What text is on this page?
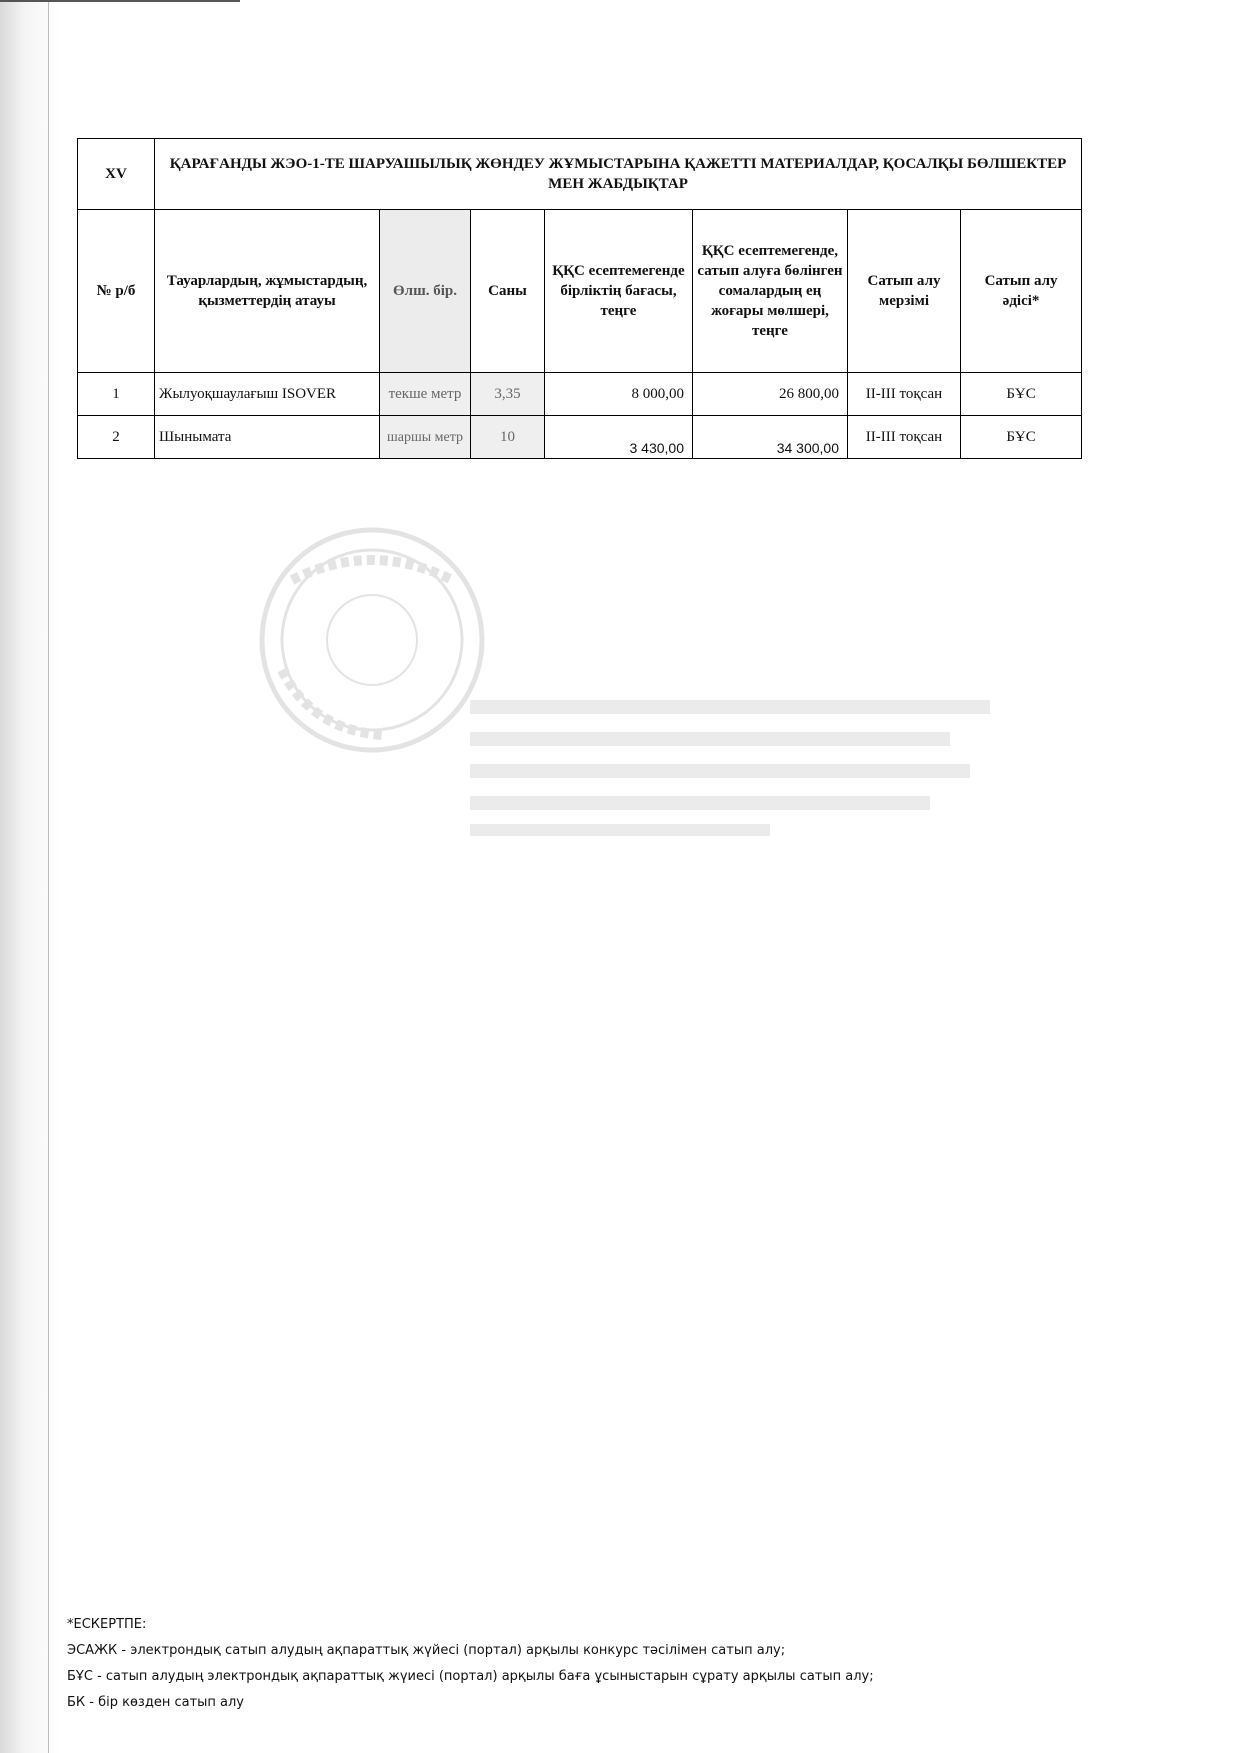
XV	ҚАРАҒАНДЫ ЖЭО-1-ТЕ ШАРУАШЫЛЫҚ ЖӨНДЕУ ЖҰМЫСТАРЫНА ҚАЖЕТТІ МАТЕРИАЛДАР, ҚОСАЛҚЫ БӨЛШЕКТЕР МЕН ЖАБДЫҚТАР						
№ р/б	Тауарлардың, жұмыстардың, қызметтердің атауы	Өлш. бір.	Саны	ҚҚС есептемегенде бірліктің бағасы, теңге	ҚҚС есептемегенде, сатып алуға бөлінген сомалардың ең жоғары мөлшері, теңге	Сатып алу мерзімі	Сатып алу әдісі*
1	Жылуоқшаулағыш ISOVER	текше метр	3,35	8 000,00	26 800,00	II-III тоқсан	БҰС
2	Шынымата	шаршы метр	10	3 430,00	34 300,00	II-III тоқсан	БҰС
*ЕСКЕРТПЕ:
ЭСАЖК - электрондық сатып алудың ақпараттық жүйесі (портал) арқылы конкурс тәсілімен сатып алу;
БҰС - сатып алудың электрондық ақпараттық жүиесі (портал) арқылы баға ұсыныстарын сұрату арқылы сатып алу;
БК - бір көзден сатып алу
